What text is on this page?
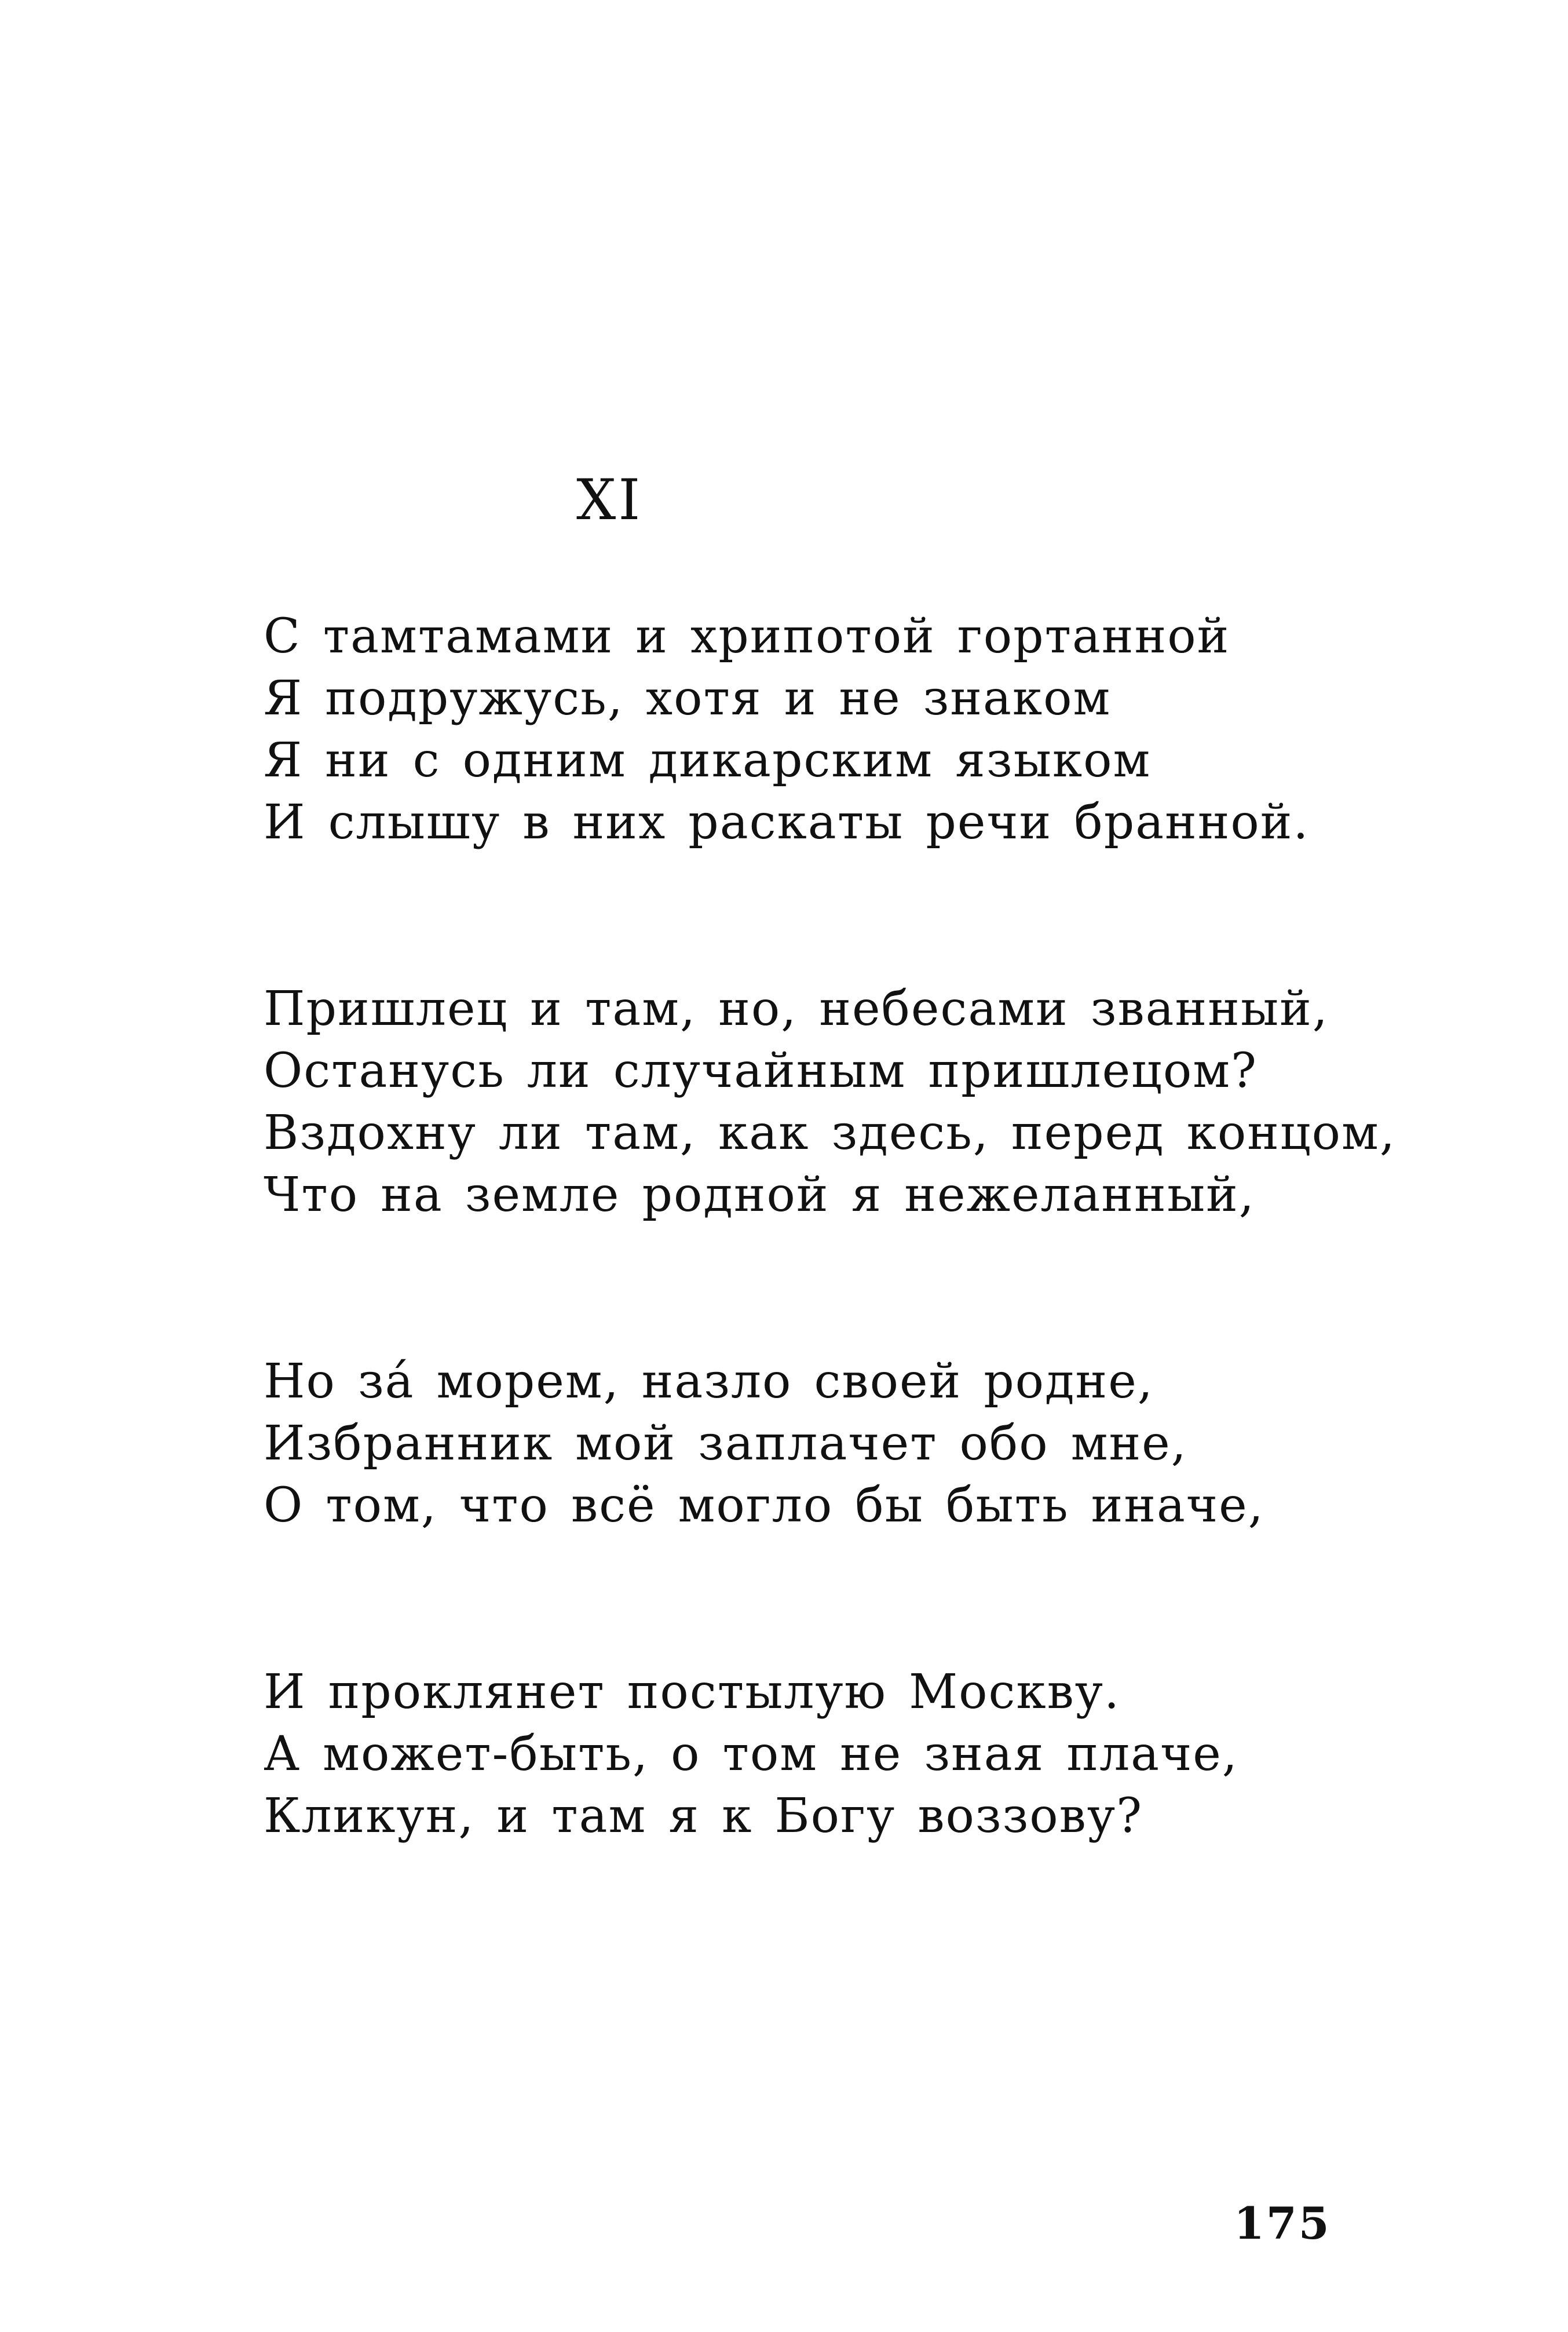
XI
С тамтамами и хрипотой гортанной
Я подружусь, хотя и не знаком
Я ни с одним дикарским языком
И слышу в них раскаты речи бранной.
Пришлец и там, но, небесами званный,
Останусь ли случайным пришлецом?
Вздохну ли там, как здесь, перед концом,
Что на земле родной я нежеланный,
Но зá морем, назло своей родне,
Избранник мой заплачет обо мне,
О том, что всё могло бы быть иначе,
И проклянет постылую Москву.
А может-быть, о том не зная плаче,
Кликун, и там я к Богу воззову?
175
